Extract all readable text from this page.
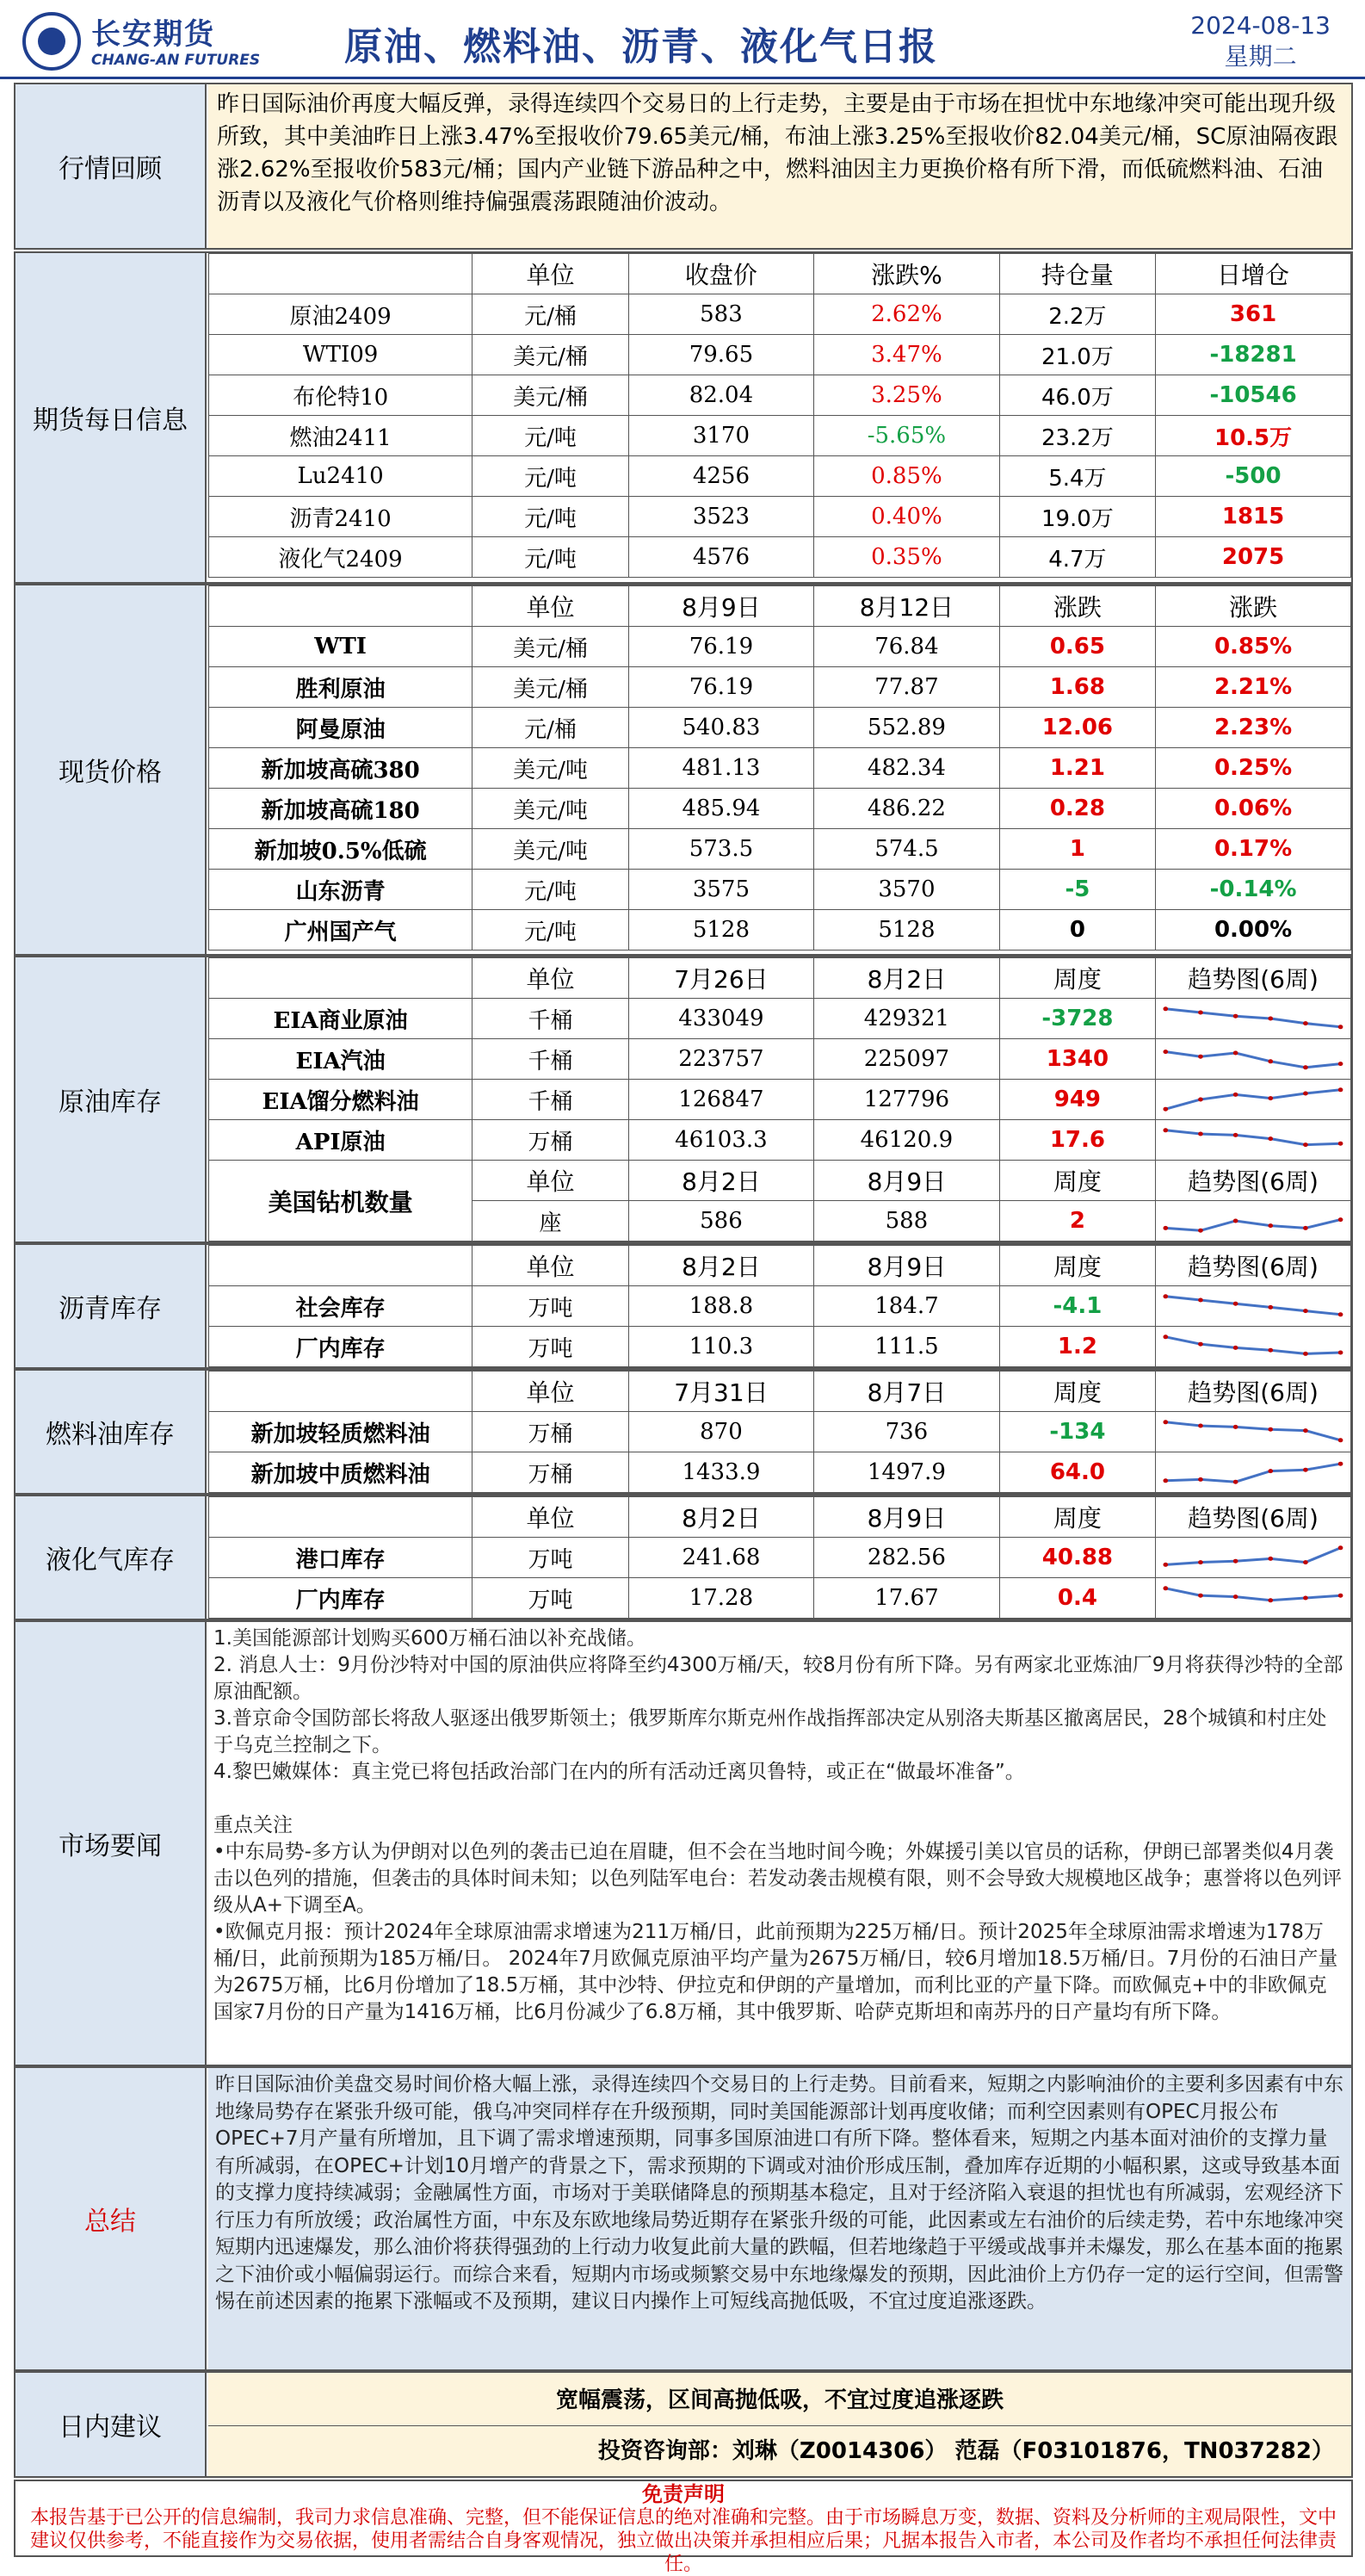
长安期货
CHANG-AN FUTURES 原油、燃料油、沥青、液化气日报	2024-08-13
星期二
行情回顾
昨日国际油价再度大幅反弹，录得连续四个交易日的上行走势，主要是由于市场在担忧中东地缘冲突可能出现升级所致，其中美油昨日上涨3.47%至报收价79.65美元/桶，布油上涨3.25%至报收价82.04美元/桶，SC原油隔夜跟涨2.62%至报收价583元/桶；国内产业链下游品种之中，燃料油因主力更换价格有所下滑，而低硫燃料油、石油沥青以及液化气价格则维持偏强震荡跟随油价波动。
期货每日信息
	单位	收盘价	涨跌%	持仓量	日增仓
原油2409	元/桶	583	2.62%	2.2万	361
WTI09	美元/桶	79.65	3.47%	21.0万	-18281
布伦特10	美元/桶	82.04	3.25%	46.0万	-10546
燃油2411	元/吨	3170	-5.65%	23.2万	10.5万
Lu2410	元/吨	4256	0.85%	5.4万	-500
沥青2410	元/吨	3523	0.40%	19.0万	1815
液化气2409	元/吨	4576	0.35%	4.7万	2075
现货价格
	单位	8月9日	8月12日	涨跌	涨跌
WTI	美元/桶	76.19	76.84	0.65	0.85%
胜利原油	美元/桶	76.19	77.87	1.68	2.21%
阿曼原油	元/桶	540.83	552.89	12.06	2.23%
新加坡高硫380	美元/吨	481.13	482.34	1.21	0.25%
新加坡高硫180	美元/吨	485.94	486.22	0.28	0.06%
新加坡0.5%低硫	美元/吨	573.5	574.5	1	0.17%
山东沥青	元/吨	3575	3570	-5	-0.14%
广州国产气	元/吨	5128	5128	0	0.00%
原油库存
	单位	7月26日	8月2日	周度	趋势图(6周)
EIA商业原油	千桶	433049	429321	-3728	

EIA汽油	千桶	223757	225097	1340	

EIA馏分燃料油	千桶	126847	127796	949	

API原油	万桶	46103.3	46120.9	17.6	

美国钻机数量	单位	8月2日	8月9日	周度	趋势图(6周)
	座	586	588	2	
沥青库存
	单位	8月2日	8月9日	周度	趋势图(6周)
社会库存	万吨	188.8	184.7	-4.1	

厂内库存	万吨	110.3	111.5	1.2	
燃料油库存
	单位	7月31日	8月7日	周度	趋势图(6周)
新加坡轻质燃料油	万桶	870	736	-134	

新加坡中质燃料油	万桶	1433.9	1497.9	64.0	
液化气库存
	单位	8月2日	8月9日	周度	趋势图(6周)
港口库存	万吨	241.68	282.56	40.88	

厂内库存	万吨	17.28	17.67	0.4	
市场要闻
1.美国能源部计划购买600万桶石油以补充战储。
2. 消息人士：9月份沙特对中国的原油供应将降至约4300万桶/天，较8月份有所下降。另有两家北亚炼油厂9月将获得沙特的全部原油配额。
3.普京命令国防部长将敌人驱逐出俄罗斯领土；俄罗斯库尔斯克州作战指挥部决定从别洛夫斯基区撤离居民，28个城镇和村庄处于乌克兰控制之下。
4.黎巴嫩媒体：真主党已将包括政治部门在内的所有活动迁离贝鲁特，或正在“做最坏准备”。

重点关注
•中东局势-多方认为伊朗对以色列的袭击已迫在眉睫，但不会在当地时间今晚；外媒援引美以官员的话称，伊朗已部署类似4月袭击以色列的措施，但袭击的具体时间未知；以色列陆军电台：若发动袭击规模有限，则不会导致大规模地区战争；惠誉将以色列评级从A+下调至A。
•欧佩克月报：预计2024年全球原油需求增速为211万桶/日，此前预期为225万桶/日。预计2025年全球原油需求增速为178万桶/日，此前预期为185万桶/日。 2024年7月欧佩克原油平均产量为2675万桶/日，较6月增加18.5万桶/日。7月份的石油日产量为2675万桶，比6月份增加了18.5万桶，其中沙特、伊拉克和伊朗的产量增加，而利比亚的产量下降。而欧佩克+中的非欧佩克国家7月份的日产量为1416万桶，比6月份减少了6.8万桶，其中俄罗斯、哈萨克斯坦和南苏丹的日产量均有所下降。
总结
昨日国际油价美盘交易时间价格大幅上涨，录得连续四个交易日的上行走势。目前看来，短期之内影响油价的主要利多因素有中东地缘局势存在紧张升级可能，俄乌冲突同样存在升级预期，同时美国能源部计划再度收储；而利空因素则有OPEC月报公布OPEC+7月产量有所增加，且下调了需求增速预期，同事多国原油进口有所下降。整体看来，短期之内基本面对油价的支撑力量有所减弱，在OPEC+计划10月增产的背景之下，需求预期的下调或对油价形成压制，叠加库存近期的小幅积累，这或导致基本面的支撑力度持续减弱；金融属性方面，市场对于美联储降息的预期基本稳定，且对于经济陷入衰退的担忧也有所减弱，宏观经济下行压力有所放缓；政治属性方面，中东及东欧地缘局势近期存在紧张升级的可能，此因素或左右油价的后续走势，若中东地缘冲突短期内迅速爆发，那么油价将获得强劲的上行动力收复此前大量的跌幅，但若地缘趋于平缓或战事并未爆发，那么在基本面的拖累之下油价或小幅偏弱运行。而综合来看，短期内市场或频繁交易中东地缘爆发的预期，因此油价上方仍存一定的运行空间，但需警惕在前述因素的拖累下涨幅或不及预期，建议日内操作上可短线高抛低吸，不宜过度追涨逐跌。
日内建议
宽幅震荡，区间高抛低吸，不宜过度追涨逐跌
投资咨询部：刘琳（Z0014306） 范磊（F03101876，TN037282）
免责声明
本报告基于已公开的信息编制，我司力求信息准确、完整，但不能保证信息的绝对准确和完整。由于市场瞬息万变，数据、资料及分析师的主观局限性，文中建议仅供参考，不能直接作为交易依据，使用者需结合自身客观情况，独立做出决策并承担相应后果；凡据本报告入市者，本公司及作者均不承担任何法律责任。
